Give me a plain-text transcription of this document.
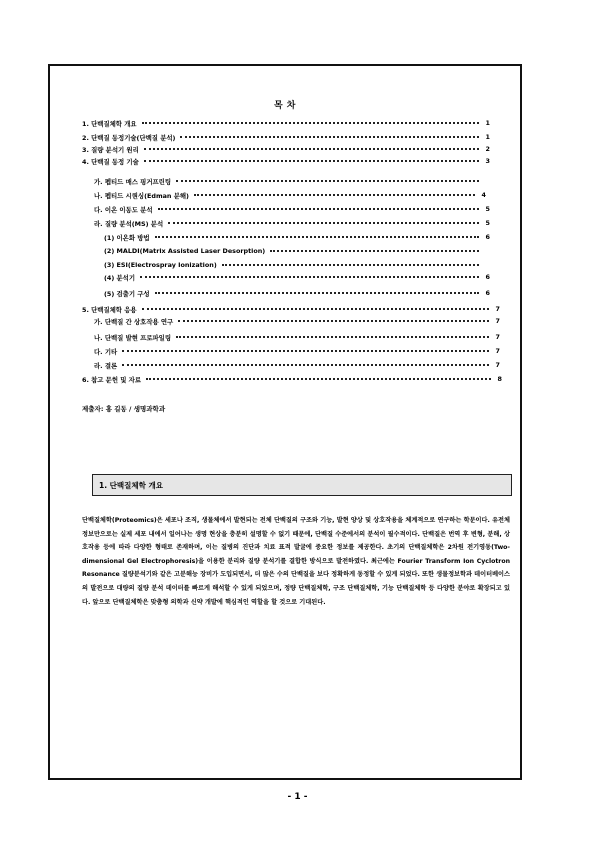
목 차
1. 단백질체학 개요	1
2. 단백질 동정기술(단백질 분석)	1
3. 질량 분석기 원리	2
4. 단백질 동정 기술	3
가. 펩티드 매스 핑거프린팅
나. 펩티드 시퀀싱(Edman 분해)	4
다. 이온 이동도 분석	5
라. 질량 분석(MS) 분석	5
(1) 이온화 방법	6
(2) MALDI(Matrix Assisted Laser Desorption)
(3) ESI(Electrospray Ionization)
(4) 분석기	6
(5) 검출기 구성	6
5. 단백질체학 응용	7
가. 단백질 간 상호작용 연구	7
나. 단백질 발현 프로파일링	7
다. 기타	7
라. 결론	7
6. 참고 문헌 및 자료	8
제출자: 홍 길동 / 생명과학과
1. 단백질체학 개요
단백질체학(Proteomics)은 세포나 조직, 생물체에서 발현되는 전체 단백질의 구조와 기능, 발현 양상 및 상호작용을 체계적으로 연구하는 학문이다. 유전체 정보만으로는 실제 세포 내에서 일어나는 생명 현상을 충분히 설명할 수 없기 때문에, 단백질 수준에서의 분석이 필수적이다. 단백질은 번역 후 변형, 분해, 상호작용 등에 따라 다양한 형태로 존재하며, 이는 질병의 진단과 치료 표적 발굴에 중요한 정보를 제공한다. 초기의 단백질체학은 2차원 전기영동(Two-dimensional Gel Electrophoresis)을 이용한 분리와 질량 분석기를 결합한 방식으로 발전하였다. 최근에는 Fourier Transform Ion Cyclotron Resonance 질량분석기와 같은 고분해능 장비가 도입되면서, 더 많은 수의 단백질을 보다 정확하게 동정할 수 있게 되었다. 또한 생물정보학과 데이터베이스의 발전으로 대량의 질량 분석 데이터를 빠르게 해석할 수 있게 되었으며, 정량 단백질체학, 구조 단백질체학, 기능 단백질체학 등 다양한 분야로 확장되고 있다. 앞으로 단백질체학은 맞춤형 의학과 신약 개발에 핵심적인 역할을 할 것으로 기대된다.
- 1 -
